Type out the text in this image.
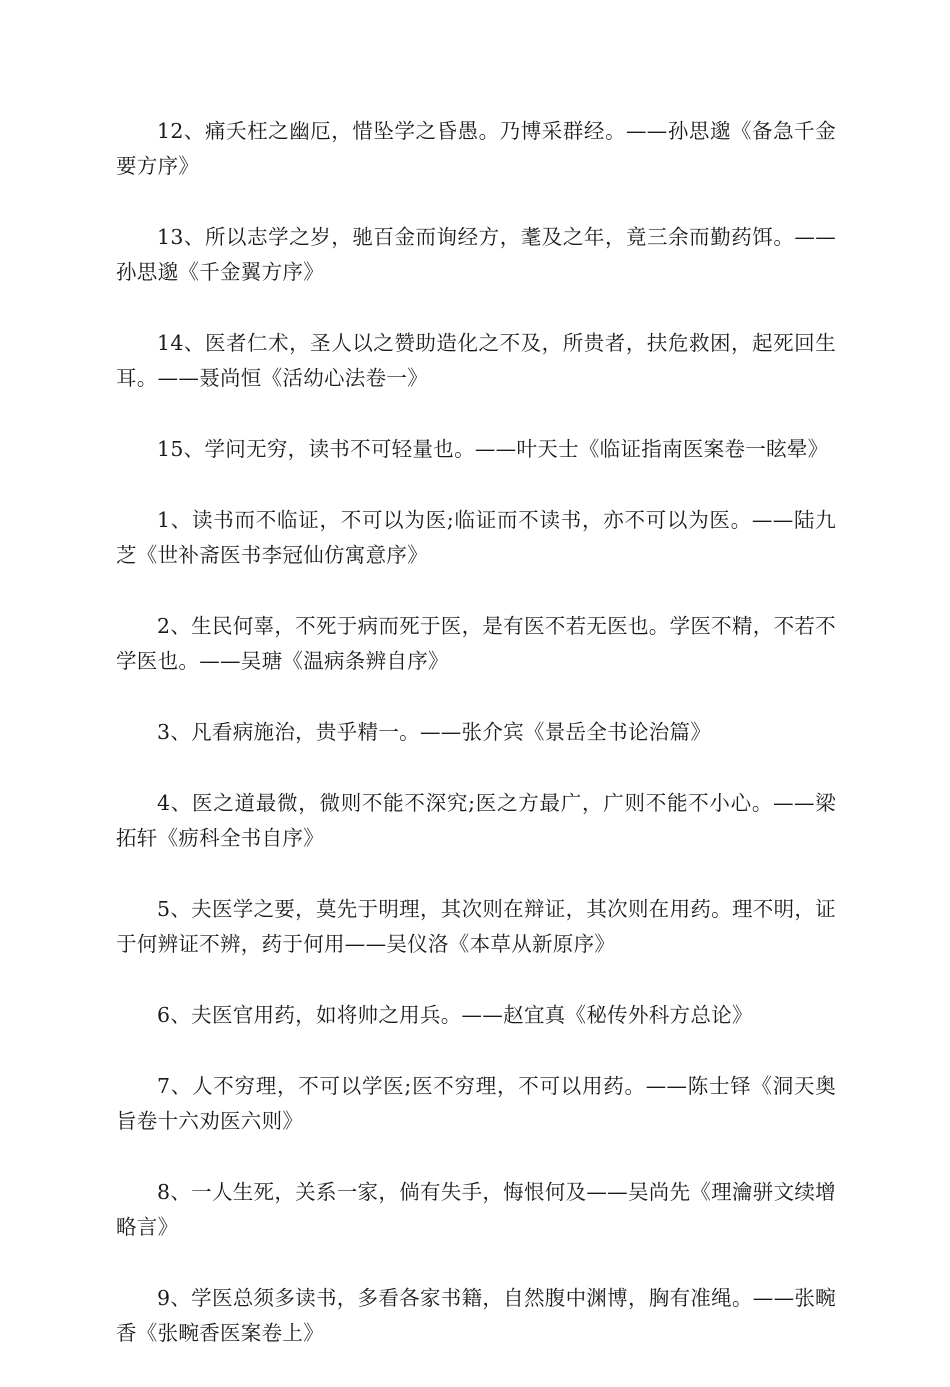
12、痛夭枉之幽厄，惜坠学之昏愚。乃博采群经。——孙思邈《备急千金要方序》

13、所以志学之岁，驰百金而询经方，耄及之年，竟三余而勤药饵。——孙思邈《千金翼方序》

14、医者仁术，圣人以之赞助造化之不及，所贵者，扶危救困，起死回生耳。——聂尚恒《活幼心法卷一》

15、学问无穷，读书不可轻量也。——叶天士《临证指南医案卷一眩晕》

1、读书而不临证，不可以为医;临证而不读书，亦不可以为医。——陆九芝《世补斋医书李冠仙仿寓意序》

2、生民何辜，不死于病而死于医，是有医不若无医也。学医不精，不若不学医也。——吴瑭《温病条辨自序》

3、凡看病施治，贵乎精一。——张介宾《景岳全书论治篇》

4、医之道最微，微则不能不深究;医之方最广，广则不能不小心。——梁拓轩《疬科全书自序》

5、夫医学之要，莫先于明理，其次则在辩证，其次则在用药。理不明，证于何辨证不辨，药于何用——吴仪洛《本草从新原序》

6、夫医官用药，如将帅之用兵。——赵宜真《秘传外科方总论》

7、人不穷理，不可以学医;医不穷理，不可以用药。——陈士铎《洞天奥旨卷十六劝医六则》

8、一人生死，关系一家，倘有失手，悔恨何及——吴尚先《理瀹骈文续增略言》

9、学医总须多读书，多看各家书籍，自然腹中渊博，胸有准绳。——张畹香《张畹香医案卷上》
